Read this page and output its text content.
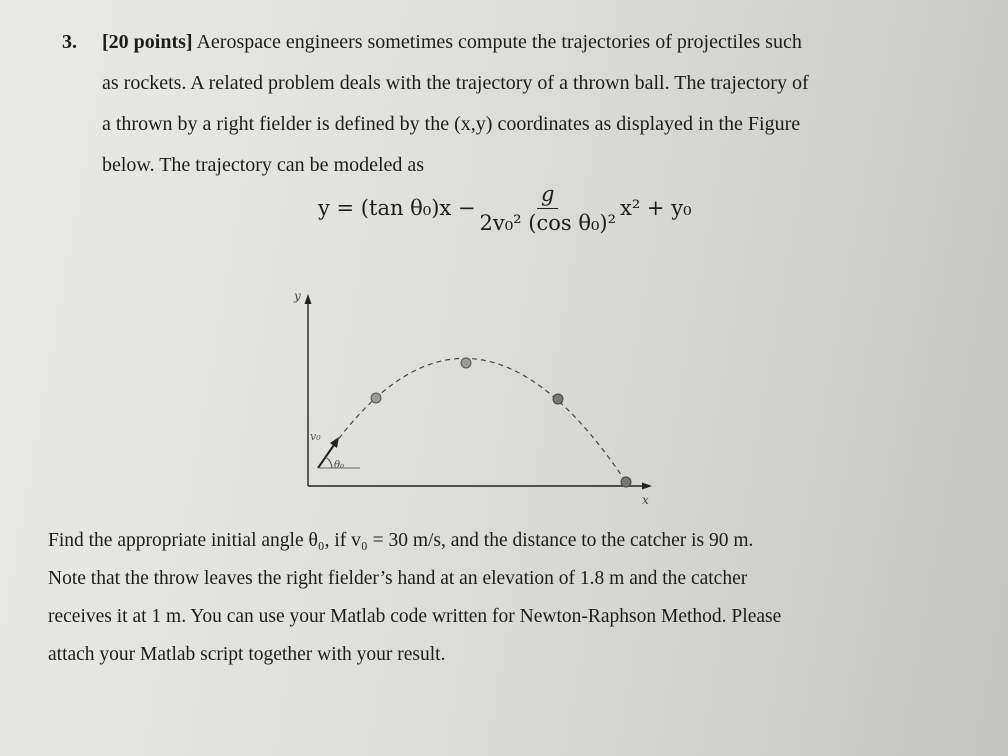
3. [20 points] Aerospace engineers sometimes compute the trajectories of projectiles such
as rockets. A related problem deals with the trajectory of a thrown ball. The trajectory of
a thrown by a right fielder is defined by the (x,y) coordinates as displayed in the Figure
below. The trajectory can be modeled as
y = (tan $\theta_0)x - \frac{g}{\text{2v₀² (cos θ₀)²}} x^2 + y_0$
y
x
v₀
θ₀
Find the appropriate initial angle θ₀, if v₀ = 30 m/s, and the distance to the catcher is 90 m.
Note that the throw leaves the right fielder’s hand at an elevation of 1.8 m and the catcher
receives it at 1 m. You can use your Matlab code written for Newton-Raphson Method. Please
attach your Matlab script together with your result.
